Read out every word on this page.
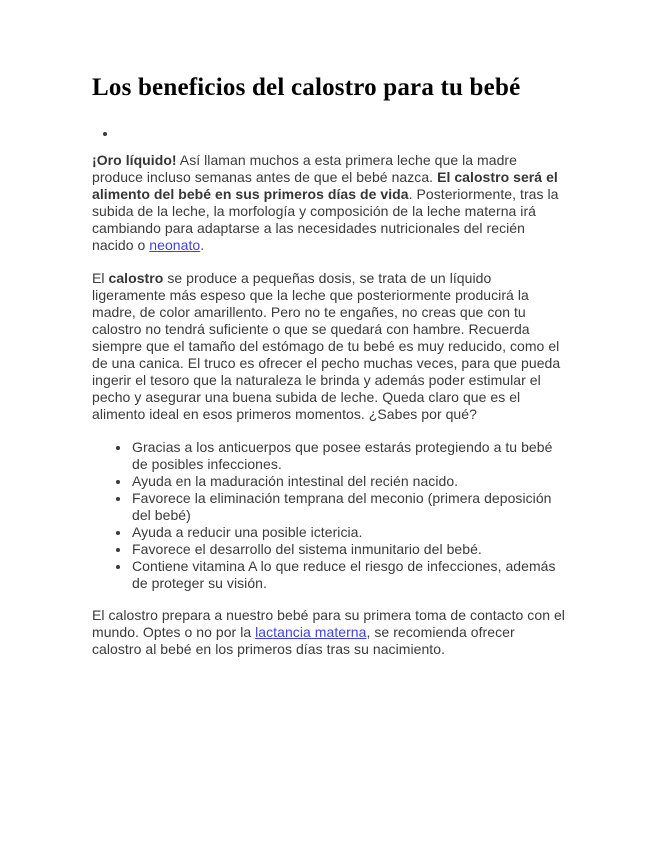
Los beneficios del calostro para tu bebé
•

¡Oro líquido! Así llaman muchos a esta primera leche que la madre produce incluso semanas antes de que el bebé nazca. El calostro será el alimento del bebé en sus primeros días de vida. Posteriormente, tras la subida de la leche, la morfología y composición de la leche materna irá cambiando para adaptarse a las necesidades nutricionales del recién nacido o neonato.

El calostro se produce a pequeñas dosis, se trata de un líquido ligeramente más espeso que la leche que posteriormente producirá la madre, de color amarillento. Pero no te engañes, no creas que con tu calostro no tendrá suficiente o que se quedará con hambre. Recuerda siempre que el tamaño del estómago de tu bebé es muy reducido, como el de una canica. El truco es ofrecer el pecho muchas veces, para que pueda ingerir el tesoro que la naturaleza le brinda y además poder estimular el pecho y asegurar una buena subida de leche. Queda claro que es el alimento ideal en esos primeros momentos. ¿Sabes por qué?

• Gracias a los anticuerpos que posee estarás protegiendo a tu bebé de posibles infecciones.
• Ayuda en la maduración intestinal del recién nacido.
• Favorece la eliminación temprana del meconio (primera deposición del bebé)
• Ayuda a reducir una posible ictericia.
• Favorece el desarrollo del sistema inmunitario del bebé.
• Contiene vitamina A lo que reduce el riesgo de infecciones, además de proteger su visión.

El calostro prepara a nuestro bebé para su primera toma de contacto con el mundo. Optes o no por la lactancia materna, se recomienda ofrecer calostro al bebé en los primeros días tras su nacimiento.
